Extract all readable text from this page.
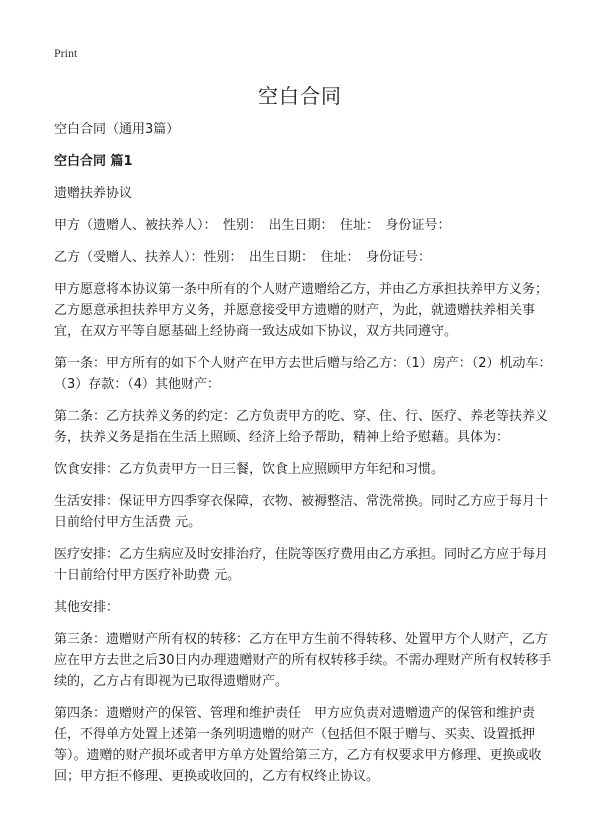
Print
空白合同

空白合同（通用3篇）

空白合同 篇1

遗赠扶养协议

甲方（遗赠人、被扶养人）：　性别：　出生日期：　住址：　身份证号：

乙方（受赠人、扶养人）：性别：　出生日期：　住址：　身份证号：

甲方愿意将本协议第一条中所有的个人财产遗赠给乙方，并由乙方承担扶养甲方义务；乙方愿意承担扶养甲方义务，并愿意接受甲方遗赠的财产，为此，就遗赠扶养相关事宜，在双方平等自愿基础上经协商一致达成如下协议，双方共同遵守。

第一条：甲方所有的如下个人财产在甲方去世后赠与给乙方：（1）房产：（2）机动车：（3）存款：（4）其他财产：

第二条：乙方扶养义务的约定：乙方负责甲方的吃、穿、住、行、医疗、养老等扶养义务，扶养义务是指在生活上照顾、经济上给予帮助，精神上给予慰藉。具体为：

饮食安排：乙方负责甲方一日三餐，饮食上应照顾甲方年纪和习惯。

生活安排：保证甲方四季穿衣保障，衣物、被褥整洁、常洗常换。同时乙方应于每月十日前给付甲方生活费 元。

医疗安排：乙方生病应及时安排治疗，住院等医疗费用由乙方承担。同时乙方应于每月十日前给付甲方医疗补助费 元。

其他安排：

第三条：遗赠财产所有权的转移：乙方在甲方生前不得转移、处置甲方个人财产，乙方应在甲方去世之后30日内办理遗赠财产的所有权转移手续。不需办理财产所有权转移手续的，乙方占有即视为已取得遗赠财产。

第四条：遗赠财产的保管、管理和维护责任　甲方应负责对遗赠遗产的保管和维护责任，不得单方处置上述第一条列明遗赠的财产（包括但不限于赠与、买卖、设置抵押等）。遗赠的财产损坏或者甲方单方处置给第三方，乙方有权要求甲方修理、更换或收回；甲方拒不修理、更换或收回的，乙方有权终止协议。
